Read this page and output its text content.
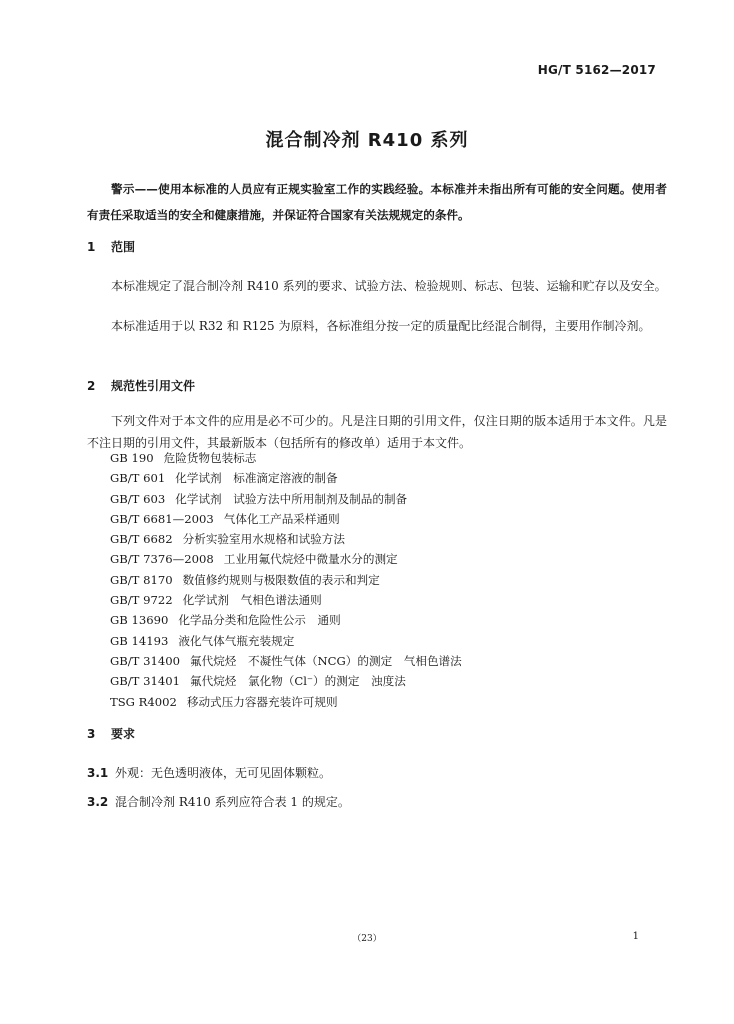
HG/T 5162—2017
混合制冷剂 R410 系列
警示——使用本标准的人员应有正规实验室工作的实践经验。本标准并未指出所有可能的安全问题。使用者有责任采取适当的安全和健康措施，并保证符合国家有关法规规定的条件。
1 范围
本标准规定了混合制冷剂 R410 系列的要求、试验方法、检验规则、标志、包装、运输和贮存以及安全。
本标准适用于以 R32 和 R125 为原料，各标准组分按一定的质量配比经混合制得，主要用作制冷剂。
2 规范性引用文件
下列文件对于本文件的应用是必不可少的。凡是注日期的引用文件，仅注日期的版本适用于本文件。凡是不注日期的引用文件，其最新版本（包括所有的修改单）适用于本文件。
GB 190 危险货物包装标志
GB/T 601 化学试剂　标准滴定溶液的制备
GB/T 603 化学试剂　试验方法中所用制剂及制品的制备
GB/T 6681—2003 气体化工产品采样通则
GB/T 6682 分析实验室用水规格和试验方法
GB/T 7376—2008 工业用氟代烷烃中微量水分的测定
GB/T 8170 数值修约规则与极限数值的表示和判定
GB/T 9722 化学试剂　气相色谱法通则
GB 13690 化学品分类和危险性公示　通则
GB 14193 液化气体气瓶充装规定
GB/T 31400 氟代烷烃　不凝性气体（NCG）的测定　气相色谱法
GB/T 31401 氟代烷烃　氯化物（Cl⁻）的测定　浊度法
TSG R4002 移动式压力容器充装许可规则
3 要求
3.1 外观：无色透明液体，无可见固体颗粒。
3.2 混合制冷剂 R410 系列应符合表 1 的规定。
（23）	1
